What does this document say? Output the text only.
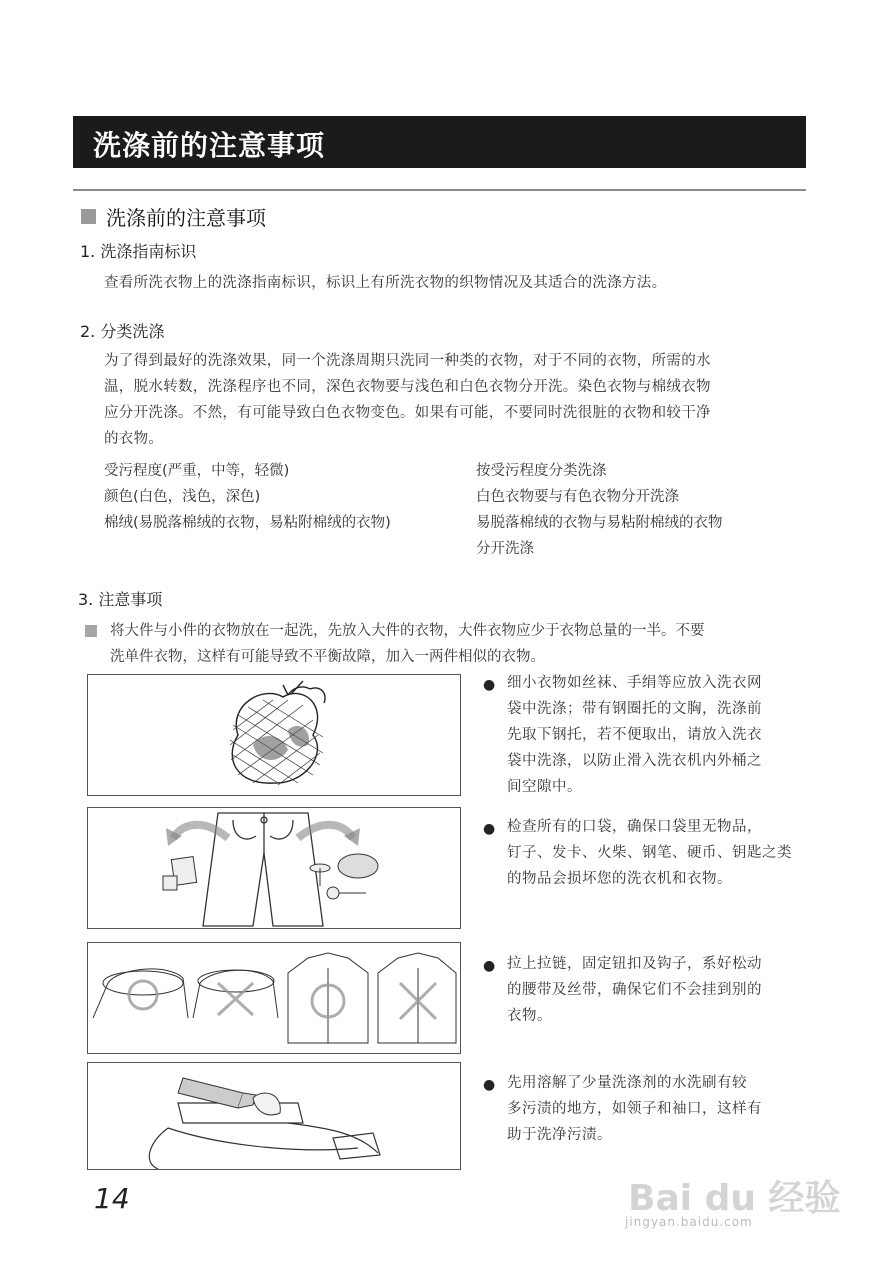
洗涤前的注意事项
洗涤前的注意事项
1. 洗涤指南标识
查看所洗衣物上的洗涤指南标识，标识上有所洗衣物的织物情况及其适合的洗涤方法。
2. 分类洗涤

为了得到最好的洗涤效果，同一个洗涤周期只洗同一种类的衣物，对于不同的衣物，所需的水

温，脱水转数，洗涤程序也不同，深色衣物要与浅色和白色衣物分开洗。染色衣物与棉绒衣物

应分开洗涤。不然，有可能导致白色衣物变色。如果有可能，不要同时洗很脏的衣物和较干净

的衣物。

受污程度(严重，中等，轻微)
颜色(白色，浅色，深色)
棉绒(易脱落棉绒的衣物，易粘附棉绒的衣物)
按受污程度分类洗涤
白色衣物要与有色衣物分开洗涤
易脱落棉绒的衣物与易粘附棉绒的衣物
分开洗涤
3. 注意事项

将大件与小件的衣物放在一起洗，先放入大件的衣物，大件衣物应少于衣物总量的一半。不要

洗单件衣物，这样有可能导致不平衡故障，加入一两件相似的衣物。

● 细小衣物如丝袜、手绢等应放入洗衣网

袋中洗涤；带有钢圈托的文胸，洗涤前

先取下钢托，若不便取出，请放入洗衣

袋中洗涤，以防止滑入洗衣机内外桶之

间空隙中。

● 检查所有的口袋，确保口袋里无物品，

钉子、发卡、火柴、钢笔、硬币、钥匙之类

的物品会损坏您的洗衣机和衣物。

● 拉上拉链，固定钮扣及钩子，系好松动

的腰带及丝带，确保它们不会挂到别的

衣物。

● 先用溶解了少量洗涤剂的水洗刷有较

多污渍的地方，如领子和袖口，这样有

助于洗净污渍。

14	Bai du 经验
jingyan.baidu.com
